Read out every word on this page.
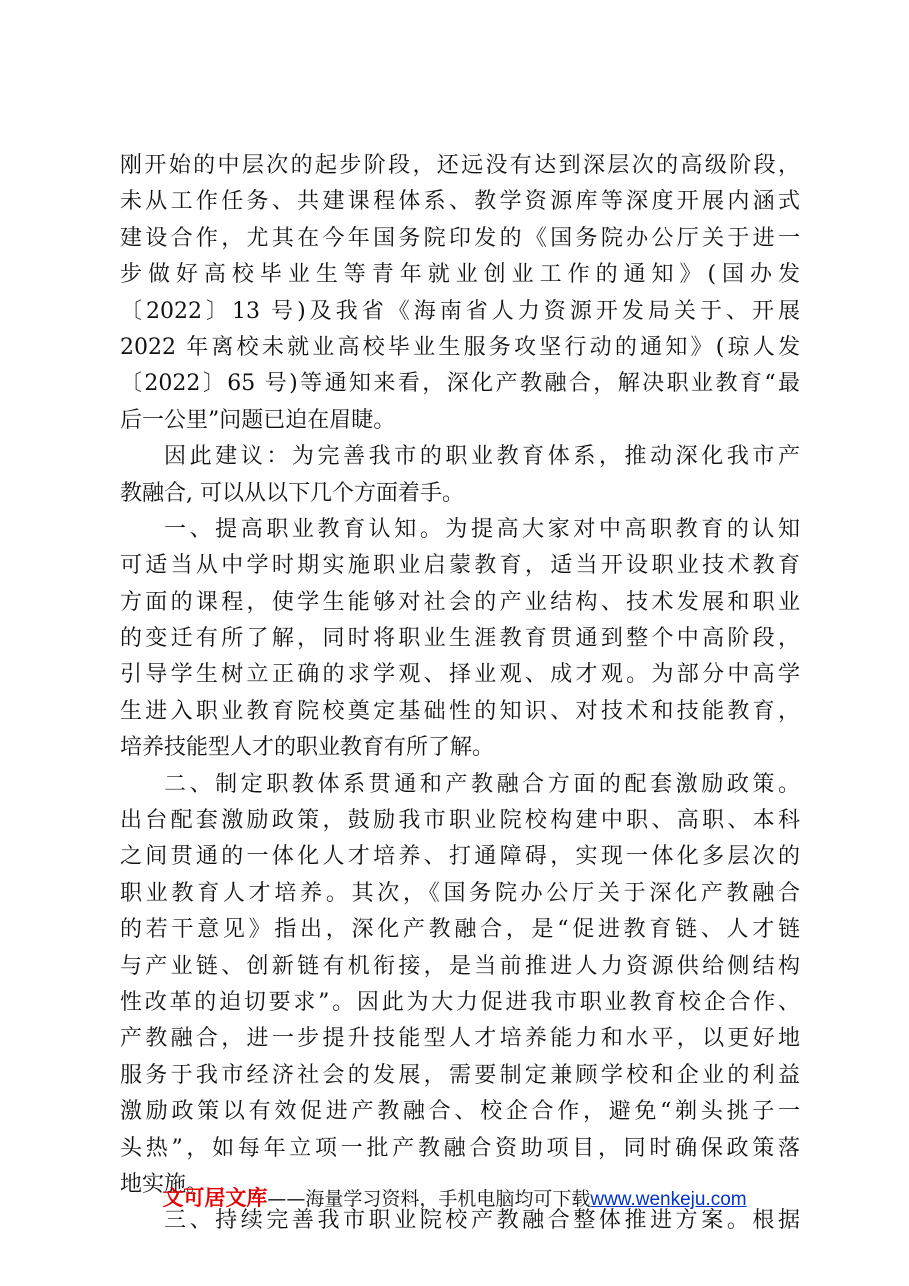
刚开始的中层次的起步阶段，还远没有达到深层次的高级阶段，
未从工作任务、共建课程体系、教学资源库等深度开展内涵式
建设合作，尤其在今年国务院印发的《国务院办公厅关于进一
步做好高校毕业生等青年就业创业工作的通知》(国办发
〔2022〕13 号)及我省《海南省人力资源开发局关于、开展
2022 年离校未就业高校毕业生服务攻坚行动的通知》(琼人发
〔2022〕65 号)等通知来看，深化产教融合，解决职业教育“最
后一公里”问题已迫在眉睫。
因此建议：为完善我市的职业教育体系，推动深化我市产
教融合, 可以从以下几个方面着手。
一、提高职业教育认知。为提高大家对中高职教育的认知
可适当从中学时期实施职业启蒙教育，适当开设职业技术教育
方面的课程，使学生能够对社会的产业结构、技术发展和职业
的变迁有所了解，同时将职业生涯教育贯通到整个中高阶段，
引导学生树立正确的求学观、择业观、成才观。为部分中高学
生进入职业教育院校奠定基础性的知识、对技术和技能教育，
培养技能型人才的职业教育有所了解。
二、制定职教体系贯通和产教融合方面的配套激励政策。
出台配套激励政策，鼓励我市职业院校构建中职、高职、本科
之间贯通的一体化人才培养、打通障碍，实现一体化多层次的
职业教育人才培养。其次，《国务院办公厅关于深化产教融合
的若干意见》指出，深化产教融合，是“促进教育链、人才链
与产业链、创新链有机衔接，是当前推进人力资源供给侧结构
性改革的迫切要求”。因此为大力促进我市职业教育校企合作、
产教融合，进一步提升技能型人才培养能力和水平，以更好地
服务于我市经济社会的发展，需要制定兼顾学校和企业的利益
激励政策以有效促进产教融合、校企合作，避免“剃头挑子一
头热”，如每年立项一批产教融合资助项目，同时确保政策落
地实施。
三、持续完善我市职业院校产教融合整体推进方案。根据
文可居文库——海量学习资料，手机电脑均可下载www.wenkeju.com
